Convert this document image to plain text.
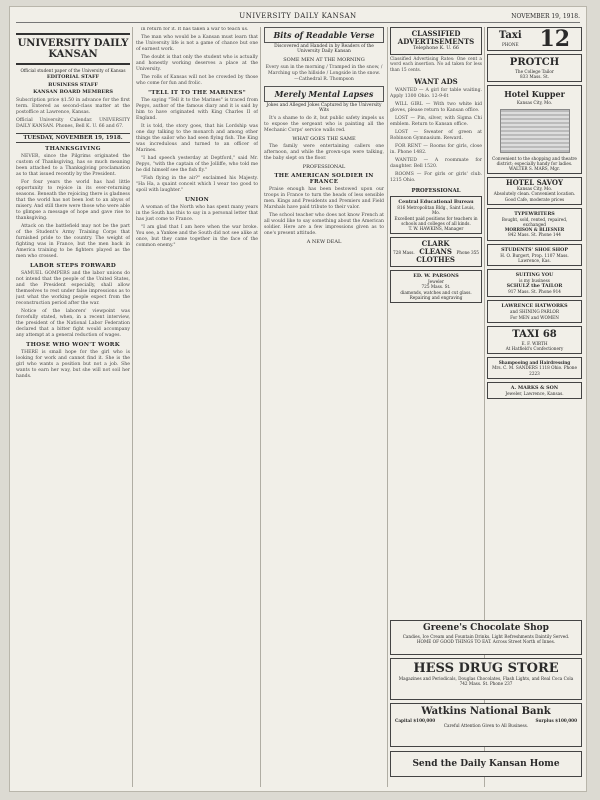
UNIVERSITY DAILY KANSAN	NOVEMBER 19, 1918.
UNIVERSITY DAILY KANSAN
Official student paper of the University of Kansas
EDITORIAL STAFF
BUSINESS STAFF
KANSAN BOARD MEMBERS
Subscription price $1.50 in advance for the first term. Entered as second-class matter at the postoffice at Lawrence, Kansas.
Official University Calendar. UNIVERSITY DAILY KANSAN. Phones, Bell K. U. 66 and 67.
TUESDAY, NOVEMBER 19, 1918.
THANKSGIVING

NEVER, since the Pilgrims originated the custom of Thanksgiving, has so much meaning been attached to a Thanksgiving proclamation as to that issued recently by the President.

For four years the world has had little opportunity to rejoice in its ever-returning seasons. Beneath the rejoicing there is gladness that the world has not been lost to an abyss of misery. And still there were those who were able to glimpse a message of hope and gave rise to thanksgiving.

Attack on the battlefield may not be the part of the Student's Army Training Corps that furnished pride to the country. The weight of fighting was in France, but the men back in America training to be fighters played as the men who crossed.

LABOR STEPS FORWARD

SAMUEL GOMPERS and the labor unions do not intend that the people of the United States, and the President especially, shall allow themselves to rest under false impressions as to just what the working people expect from the reconstruction period after the war.

Notice of the laborers' viewpoint was forcefully stated, when, in a recent interview, the president of the National Labor Federation declared that a bitter fight would accompany any attempt at a general reduction of wages.

THOSE WHO WON'T WORK

THERE is small hope for the girl who is looking for work and cannot find it. She is the girl who wants a position but not a job. She wants to earn her way, but she will not soil her hands.

in return for it. It has taken a war to teach us.

The man who would be a Kansan must learn that the University life is not a game of chance but one of earnest work.

The doubt is that only the student who is actually and honestly working deserves a place at the University.

The rolls of Kansas will not be crowded by those who come for fun and frolic.

"TELL IT TO THE MARINES"

The saying "Tell it to the Marines" is traced from Pepys, author of the famous diary and it is said by him to have originated with King Charles II of England.

It is told, the story goes, that his Lordship was one day talking to the monarch and among other things the sailor who had seen flying fish. The King was incredulous and turned to an officer of Marines.

"I had speech yesterday at Deptford," said Mr. Pepys, "with the captain of the Jolliffe, who told me he did himself see the fish fly."

"Fish flying in the air?" exclaimed his Majesty. "Ha Ha, a quaint conceit which I wear too good to spoil with laughter."

UNION

A woman of the North who has spent many years in the South has this to say in a personal letter that has just come to France.

"I am glad that I am here when the war broke. You see, a Yankee and the South did not see alike at once, but they came together in the face of the common enemy."

Bits of Readable Verse
Discovered and Handed in by Readers of the University Daily Kansan
SOME MEN AT THE MORNING
Every sun in the morning / Tramped in the snow, / Marching up the hillside / Longside in the snow.
—Cathedral R. Thompson
Merely Mental Lapses
Jokes and Alleged Jokes Captured by the University Wits

It's a shame to do it, but public safety impels us to expose the sergeant who is painting all the Mechanic Corps' service walls red.

WHAT GOES THE SAME

The family were entertaining callers one afternoon, and while the grown-ups were talking, the baby slept on the floor.

PROFESSIONAL
THE AMERICAN SOLDIER IN FRANCE

Praise enough has been bestowed upon our troops in France to turn the heads of less sensible men. Kings and Presidents and Premiers and Field Marshals have paid tribute to their valor.

The school teacher who does not know French at all would like to say something about the American soldier. Here are a few impressions given as to one's present attitude.

A NEW DEAL
CLASSIFIED ADVERTISEMENTS
Telephone K. U. 66
Classified Advertising Rates: One cent a word each insertion. No ad taken for less than 15 cents.
WANT ADS

WANTED — A girl for table waiting. Apply 1300 Ohio. 12-9-6t

WILL GIRL — With two white kid gloves, please return to Kansan office.

LOST — Pin, silver, with Sigma Chi emblem. Return to Kansan office.

LOST — Sweater of green at Robinson Gymnasium. Reward.

FOR RENT — Rooms for girls, close in. Phone 1482.

WANTED — A roommate for daughter. Bell 1520.

ROOMS — For girls or girls' club. 1215 Ohio.

PROFESSIONAL
Central Educational Bureau
816 Metropolitan Bldg., Saint Louis, Mo.
Excellent paid positions for teachers in schools and colleges of all kinds.
T. W. HAWKINS, Manager
728 Mass.
CLARK
CLEANS
CLOTHES
Phone 355
ED. W. PARSONS
Jeweler
725 Mass. St.
diamonds, watches and cut glass. Repairing and engraving
Taxi
PHONE 12
PROTCH
The College Tailor
833 Mass. St.
Hotel Kupper
Kansas City, Mo.
Convenient to the shopping and theatre district; especially handy for ladies. WALTER S. MARS, Mgr.
HOTEL SAVOY
Kansas City, Mo.
Absolutely clean. Convenient location. Good Cafe, moderate prices
TYPEWRITERS
Bought, sold, rented, repaired, exchanged
MORRISON & BLIESNER
842 Mass. St. Phone 144
STUDENTS' SHOE SHOP
H. O. Burgert, Prop. 1107 Mass. Lawrence, Kas.
SUITING YOU
is my business
SCHULZ the TAILOR
917 Mass. St. Phone 914
LAWRENCE HATWORKS
and SHINING PARLOR
For MEN and WOMEN
TAXI 68
E. F. WIRTH
At Hatfield's Confectionery
Shampooing and Hairdressing
Mrs. C. M. SANDERS 1118 Ohio. Phone 2223
A. MARKS & SON
Jeweler, Lawrence, Kansas.
Greene's Chocolate Shop
Candies, Ice Cream and Fountain Drinks. Light Refreshments Daintily Served.
HOME OF GOOD THINGS TO EAT. Across Street North of Innes.
HESS DRUG STORE
Magazines and Periodicals, Douglas Chocolates, Flash Lights, and Real Coca Cola
742 Mass. St. Phone 237
Watkins National Bank
Capital $100,000	Surplus $100,000
Careful Attention Given to All Business.
Send the Daily Kansan Home
